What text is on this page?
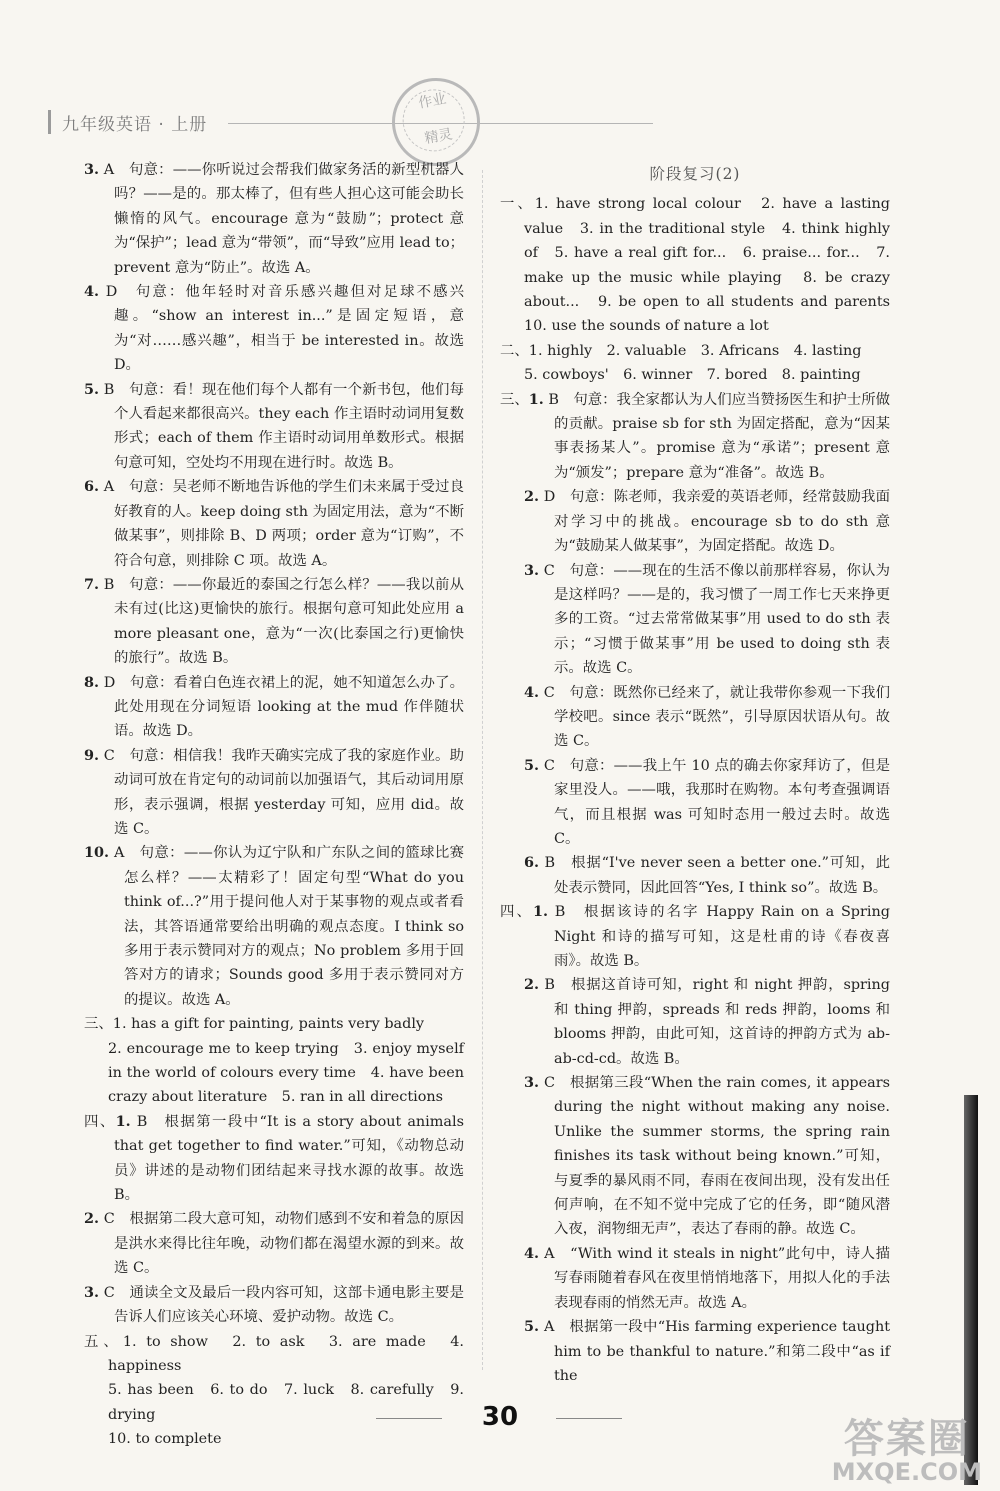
九年级英语 · 上册
作业
精灵

3. A　句意：——你听说过会帮我们做家务活的新型机器人吗？——是的。那太棒了，但有些人担心这可能会助长懒惰的风气。encourage 意为“鼓励”；protect 意为“保护”；lead 意为“带领”，而“导致”应用 lead to；prevent 意为“防止”。故选 A。

4. D　句意：他年轻时对音乐感兴趣但对足球不感兴趣。“show an interest in...”是固定短语，意为“对……感兴趣”，相当于 be interested in。故选 D。

5. B　句意：看！现在他们每个人都有一个新书包，他们每个人看起来都很高兴。they each 作主语时动词用复数形式；each of them 作主语时动词用单数形式。根据句意可知，空处均不用现在进行时。故选 B。

6. A　句意：吴老师不断地告诉他的学生们未来属于受过良好教育的人。keep doing sth 为固定用法，意为“不断做某事”，则排除 B、D 两项；order 意为“订购”，不符合句意，则排除 C 项。故选 A。

7. B　句意：——你最近的泰国之行怎么样？——我以前从未有过(比这)更愉快的旅行。根据句意可知此处应用 a more pleasant one，意为“一次(比泰国之行)更愉快的旅行”。故选 B。

8. D　句意：看着白色连衣裙上的泥，她不知道怎么办了。此处用现在分词短语 looking at the mud 作伴随状语。故选 D。

9. C　句意：相信我！我昨天确实完成了我的家庭作业。助动词可放在肯定句的动词前以加强语气，其后动词用原形，表示强调，根据 yesterday 可知，应用 did。故选 C。

10. A　句意：——你认为辽宁队和广东队之间的篮球比赛怎么样？——太精彩了！固定句型“What do you think of...?”用于提问他人对于某事物的观点或者看法，其答语通常要给出明确的观点态度。I think so 多用于表示赞同对方的观点；No problem 多用于回答对方的请求；Sounds good 多用于表示赞同对方的提议。故选 A。

三、1. has a gift for painting, paints very badly

2. encourage me to keep trying　3. enjoy myself in the world of colours every time　4. have been crazy about literature　5. ran in all directions

四、1. B　根据第一段中“It is a story about animals that get together to find water.”可知，《动物总动员》讲述的是动物们团结起来寻找水源的故事。故选 B。

2. C　根据第二段大意可知，动物们感到不安和着急的原因是洪水来得比往年晚，动物们都在渴望水源的到来。故选 C。

3. C　通读全文及最后一段内容可知，这部卡通电影主要是告诉人们应该关心环境、爱护动物。故选 C。

五、1. to show　2. to ask　3. are made　4. happiness

5. has been　6. to do　7. luck　8. carefully　9. drying

10. to complete

阶段复习(2)

一、1. have strong local colour　2. have a lasting value　3. in the traditional style　4. think highly of　5. have a real gift for...　6. praise... for...　7. make up the music while playing　8. be crazy about...　9. be open to all students and parents　10. use the sounds of nature a lot

二、1. highly　2. valuable　3. Africans　4. lasting

5. cowboys'　6. winner　7. bored　8. painting

三、1. B　句意：我全家都认为人们应当赞扬医生和护士所做的贡献。praise sb for sth 为固定搭配，意为“因某事表扬某人”。promise 意为“承诺”；present 意为“颁发”；prepare 意为“准备”。故选 B。

2. D　句意：陈老师，我亲爱的英语老师，经常鼓励我面对学习中的挑战。encourage sb to do sth 意为“鼓励某人做某事”，为固定搭配。故选 D。

3. C　句意：——现在的生活不像以前那样容易，你认为是这样吗？——是的，我习惯了一周工作七天来挣更多的工资。“过去常常做某事”用 used to do sth 表示；“习惯于做某事”用 be used to doing sth 表示。故选 C。

4. C　句意：既然你已经来了，就让我带你参观一下我们学校吧。since 表示“既然”，引导原因状语从句。故选 C。

5. C　句意：——我上午 10 点的确去你家拜访了，但是家里没人。——哦，我那时在购物。本句考查强调语气，而且根据 was 可知时态用一般过去时。故选 C。

6. B　根据“I've never seen a better one.”可知，此处表示赞同，因此回答“Yes, I think so”。故选 B。

四、1. B　根据该诗的名字 Happy Rain on a Spring Night 和诗的描写可知，这是杜甫的诗《春夜喜雨》。故选 B。

2. B　根据这首诗可知，right 和 night 押韵，spring 和 thing 押韵，spreads 和 reds 押韵，looms 和 blooms 押韵，由此可知，这首诗的押韵方式为 ab-ab-cd-cd。故选 B。

3. C　根据第三段“When the rain comes, it appears during the night without making any noise. Unlike the summer storms, the spring rain finishes its task without being known.”可知，与夏季的暴风雨不同，春雨在夜间出现，没有发出任何声响，在不知不觉中完成了它的任务，即“随风潜入夜，润物细无声”，表达了春雨的静。故选 C。

4. A　“With wind it steals in night”此句中，诗人描写春雨随着春风在夜里悄悄地落下，用拟人化的手法表现春雨的悄然无声。故选 A。

5. A　根据第一段中“His farming experience taught him to be thankful to nature.”和第二段中“as if the

30	答案圈
MXQE.COM
